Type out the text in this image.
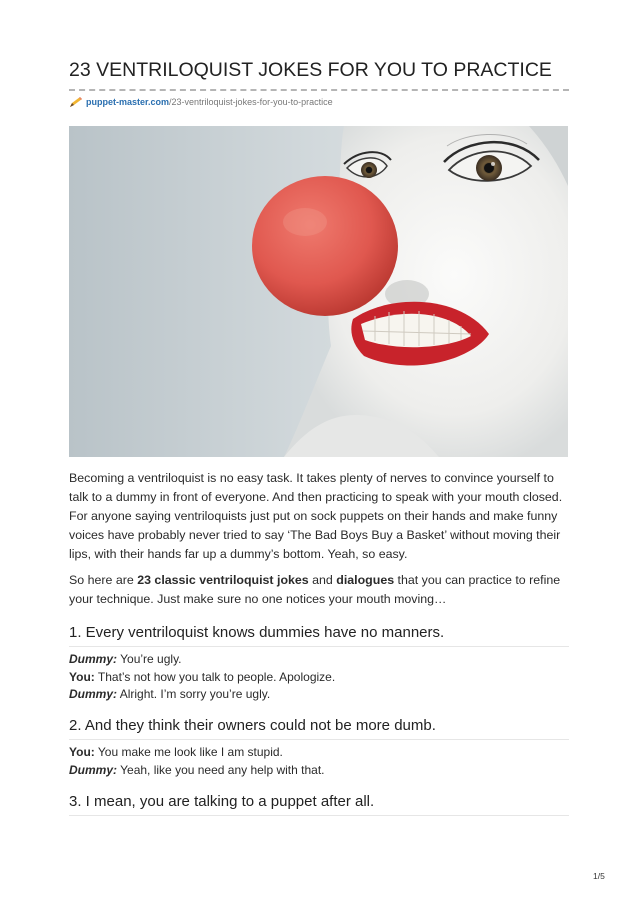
23 VENTRILOQUIST JOKES FOR YOU TO PRACTICE
puppet-master.com /23-ventriloquist-jokes-for-you-to-practice

Becoming a ventriloquist is no easy task. It takes plenty of nerves to convince yourself to talk to a dummy in front of everyone. And then practicing to speak with your mouth closed. For anyone saying ventriloquists just put on sock puppets on their hands and make funny voices have probably never tried to say ‘The Bad Boys Buy a Basket’ without moving their lips, with their hands far up a dummy’s bottom. Yeah, so easy.

So here are 23 classic ventriloquist jokes and dialogues that you can practice to refine your technique. Just make sure no one notices your mouth moving…

1. Every ventriloquist knows dummies have no manners.
Dummy: You’re ugly.
You: That’s not how you talk to people. Apologize.
Dummy: Alright. I’m sorry you’re ugly.
2. And they think their owners could not be more dumb.
You: You make me look like I am stupid.
Dummy: Yeah, like you need any help with that.
3. I mean, you are talking to a puppet after all.
1/5
